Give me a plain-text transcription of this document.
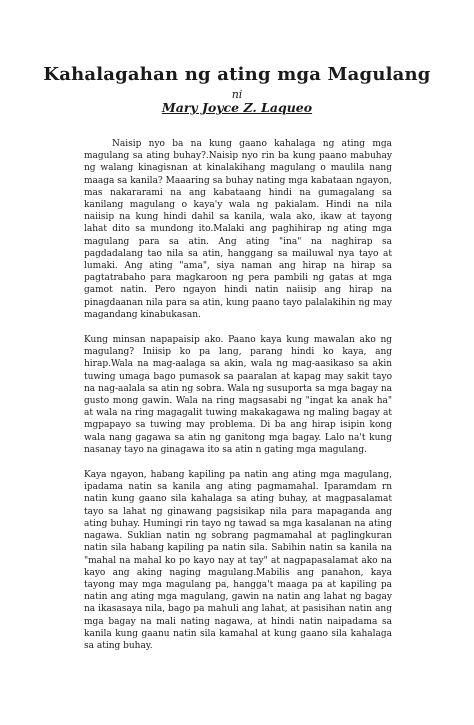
Kahalagahan ng ating mga Magulang
ni
Mary Joyce Z. Laqueo

Naisip nyo ba na kung gaano kahalaga ng ating mga magulang sa ating buhay?.Naisip nyo rin ba kung paano mabuhay ng walang kinagisnan at kinalakihang magulang o maulila nang maaga sa kanila? Maaaring sa buhay nating mga kabataan ngayon, mas nakararami na ang kabataang hindi na gumagalang sa kanilang magulang o kaya'y wala ng pakialam. Hindi na nila naiisip na kung hindi dahil sa kanila, wala ako, ikaw at tayong lahat dito sa mundong ito.Malaki ang paghihirap ng ating mga magulang para sa atin. Ang ating "ina" na naghirap sa pagdadalang tao nila sa atin, hanggang sa mailuwal nya tayo at lumaki. Ang ating "ama", siya naman ang hirap na hirap sa pagtatrabaho para magkaroon ng pera pambili ng gatas at mga gamot natin. Pero ngayon hindi natin naiisip ang hirap na pinagdaanan nila para sa atin, kung paano tayo palalakihin ng may magandang kinabukasan.

Kung minsan napapaisip ako. Paano kaya kung mawalan ako ng magulang? Iniisip ko pa lang, parang hindi ko kaya, ang hirap.Wala na mag-aalaga sa akin, wala ng mag-aasikaso sa akin tuwing umaga bago pumasok sa paaralan at kapag may sakit tayo na nag-aalala sa atin ng sobra. Wala ng susuporta sa mga bagay na gusto mong gawin. Wala na ring magsasabi ng "ingat ka anak ha" at wala na ring magagalit tuwing makakagawa ng maling bagay at mgpapayo sa tuwing may problema. Di ba ang hirap isipin kong wala nang gagawa sa atin ng ganitong mga bagay. Lalo na't kung nasanay tayo na ginagawa ito sa atin n gating mga magulang.

Kaya ngayon, habang kapiling pa natin ang ating mga magulang, ipadama natin sa kanila ang ating pagmamahal. Iparamdam rn natin kung gaano sila kahalaga sa ating buhay, at magpasalamat tayo sa lahat ng ginawang pagsisikap nila para mapaganda ang ating buhay. Humingi rin tayo ng tawad sa mga kasalanan na ating nagawa. Suklian natin ng sobrang pagmamahal at paglingkuran natin sila habang kapiling pa natin sila. Sabihin natin sa kanila na "mahal na mahal ko po kayo nay at tay" at nagpapasalamat ako na kayo ang aking naging magulang.Mabilis ang panahon, kaya tayong may mga magulang pa, hangga't maaga pa at kapiling pa natin ang ating mga magulang, gawin na natin ang lahat ng bagay na ikasasaya nila, bago pa mahuli ang lahat, at pasisihan natin ang mga bagay na mali nating nagawa, at hindi natin naipadama sa kanila kung gaanu natin sila kamahal at kung gaano sila kahalaga sa ating buhay.
